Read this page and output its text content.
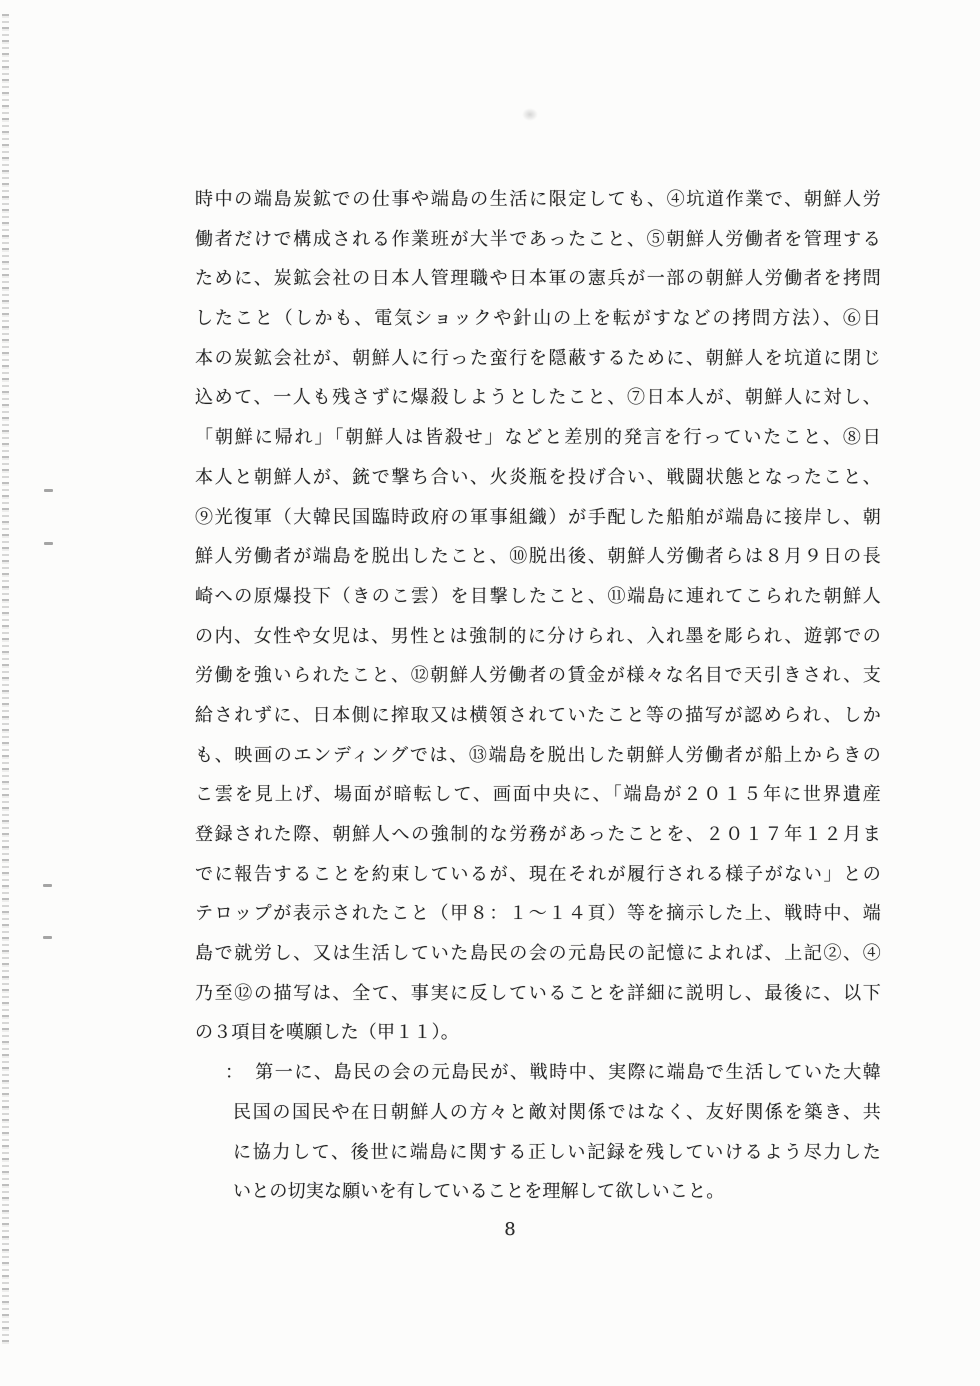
時中の端島炭鉱での仕事や端島の生活に限定しても、④坑道作業で、朝鮮人労
働者だけで構成される作業班が大半であったこと、⑤朝鮮人労働者を管理する
ために、炭鉱会社の日本人管理職や日本軍の憲兵が一部の朝鮮人労働者を拷問
したこと（しかも、電気ショックや針山の上を転がすなどの拷問方法）、⑥日
本の炭鉱会社が、朝鮮人に行った蛮行を隠蔽するために、朝鮮人を坑道に閉じ
込めて、一人も残さずに爆殺しようとしたこと、⑦日本人が、朝鮮人に対し、
「朝鮮に帰れ」「朝鮮人は皆殺せ」などと差別的発言を行っていたこと、⑧日
本人と朝鮮人が、銃で撃ち合い、火炎瓶を投げ合い、戦闘状態となったこと、
⑨光復軍（大韓民国臨時政府の軍事組織）が手配した船舶が端島に接岸し、朝
鮮人労働者が端島を脱出したこと、⑩脱出後、朝鮮人労働者らは８月９日の長
崎への原爆投下（きのこ雲）を目撃したこと、⑪端島に連れてこられた朝鮮人
の内、女性や女児は、男性とは強制的に分けられ、入れ墨を彫られ、遊郭での
労働を強いられたこと、⑫朝鮮人労働者の賃金が様々な名目で天引きされ、支
給されずに、日本側に搾取又は横領されていたこと等の描写が認められ、しか
も、映画のエンディングでは、⑬端島を脱出した朝鮮人労働者が船上からきの
こ雲を見上げ、場面が暗転して、画面中央に、「端島が２０１５年に世界遺産
登録された際、朝鮮人への強制的な労務があったことを、２０１７年１２月ま
でに報告することを約束しているが、現在それが履行される様子がない」との
テロップが表示されたこと（甲８：１～１４頁）等を摘示した上、戦時中、端
島で就労し、又は生活していた島民の会の元島民の記憶によれば、上記②、④
乃至⑫の描写は、全て、事実に反していることを詳細に説明し、最後に、以下
の３項目を嘆願した（甲１１）。
：　第一に、島民の会の元島民が、戦時中、実際に端島で生活していた大韓
民国の国民や在日朝鮮人の方々と敵対関係ではなく、友好関係を築き、共
に協力して、後世に端島に関する正しい記録を残していけるよう尽力した
いとの切実な願いを有していることを理解して欲しいこと。
8
